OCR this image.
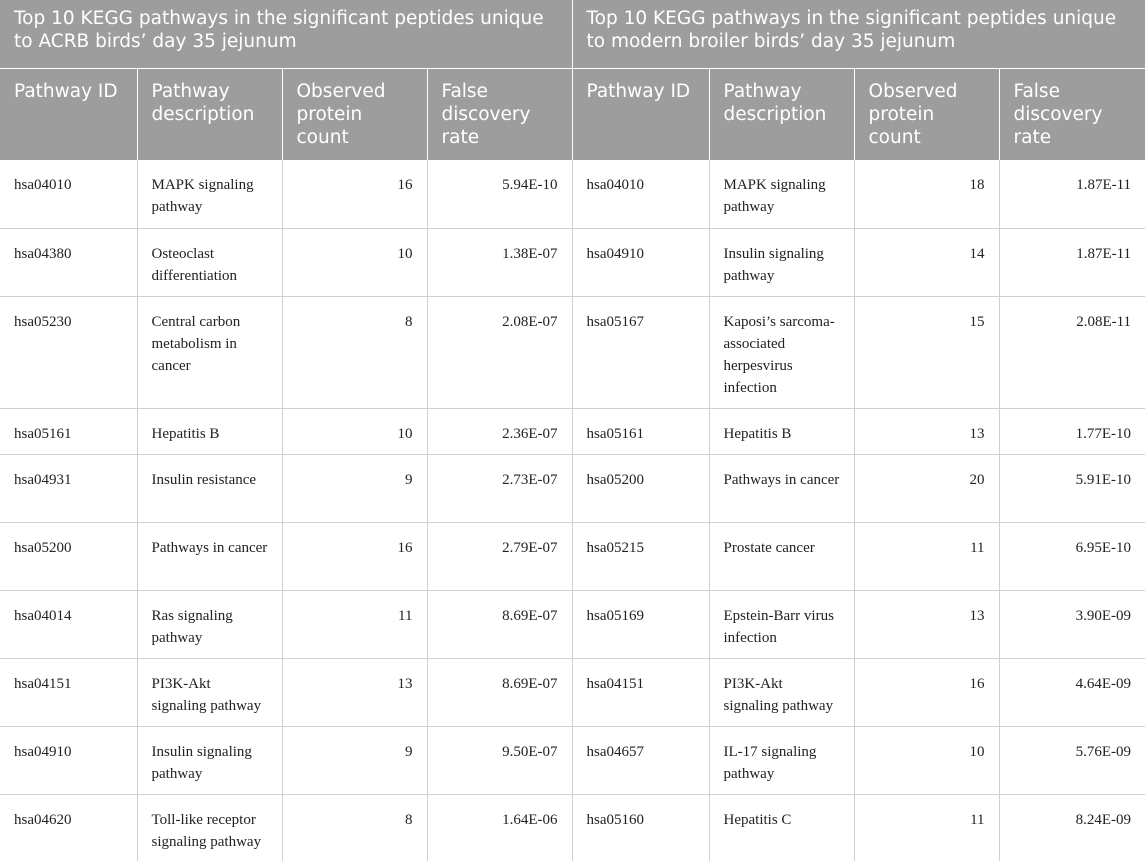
Top 10 KEGG pathways in the significant peptides unique to ACRB birds’ day 35 jejunum				Top 10 KEGG pathways in the significant peptides unique to modern broiler birds’ day 35 jejunum			
Pathway ID	Pathway description	Observed protein count	False discovery rate	Pathway ID	Pathway description	Observed protein count	False discovery rate
hsa04010	MAPK signaling pathway	16	5.94E-10	hsa04010	MAPK signaling pathway	18	1.87E-11
hsa04380	Osteoclast differentiation	10	1.38E-07	hsa04910	Insulin signaling pathway	14	1.87E-11
hsa05230	Central carbon metabolism in cancer	8	2.08E-07	hsa05167	Kaposi’s sarcoma-associated herpesvirus infection	15	2.08E-11
hsa05161	Hepatitis B	10	2.36E-07	hsa05161	Hepatitis B	13	1.77E-10
hsa04931	Insulin resistance	9	2.73E-07	hsa05200	Pathways in cancer	20	5.91E-10
hsa05200	Pathways in cancer	16	2.79E-07	hsa05215	Prostate cancer	11	6.95E-10
hsa04014	Ras signaling pathway	11	8.69E-07	hsa05169	Epstein-Barr virus infection	13	3.90E-09
hsa04151	PI3K-Akt signaling pathway	13	8.69E-07	hsa04151	PI3K-Akt signaling pathway	16	4.64E-09
hsa04910	Insulin signaling pathway	9	9.50E-07	hsa04657	IL-17 signaling pathway	10	5.76E-09
hsa04620	Toll-like receptor signaling pathway	8	1.64E-06	hsa05160	Hepatitis C	11	8.24E-09
